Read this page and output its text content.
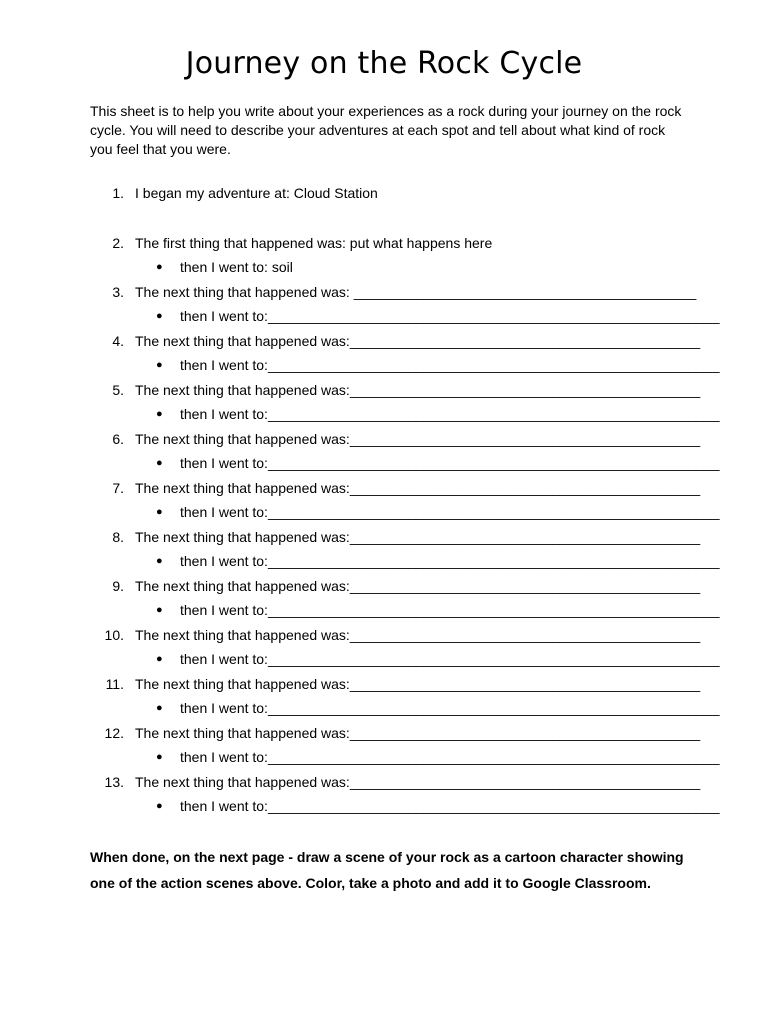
Journey on the Rock Cycle

This sheet is to help you write about your experiences as a rock during your journey on the rock cycle. You will need to describe your adventures at each spot and tell about what kind of rock you feel that you were.

1. I began my adventure at: Cloud Station
2. The first thing that happened was: put what happens here
● then I went to: soil
3. The next thing that happened was: ____________________________________________
● then I went to:__________________________________________________________
4. The next thing that happened was:_____________________________________________
● then I went to:__________________________________________________________
5. The next thing that happened was:_____________________________________________
● then I went to:__________________________________________________________
6. The next thing that happened was:_____________________________________________
● then I went to:__________________________________________________________
7. The next thing that happened was:_____________________________________________
● then I went to:__________________________________________________________
8. The next thing that happened was:_____________________________________________
● then I went to:__________________________________________________________
9. The next thing that happened was:_____________________________________________
● then I went to:__________________________________________________________
10. The next thing that happened was:_____________________________________________
● then I went to:__________________________________________________________
11. The next thing that happened was:_____________________________________________
● then I went to:__________________________________________________________
12. The next thing that happened was:_____________________________________________
● then I went to:__________________________________________________________
13. The next thing that happened was:_____________________________________________
● then I went to:__________________________________________________________

When done, on the next page - draw a scene of your rock as a cartoon character showing one of the action scenes above. Color, take a photo and add it to Google Classroom.
